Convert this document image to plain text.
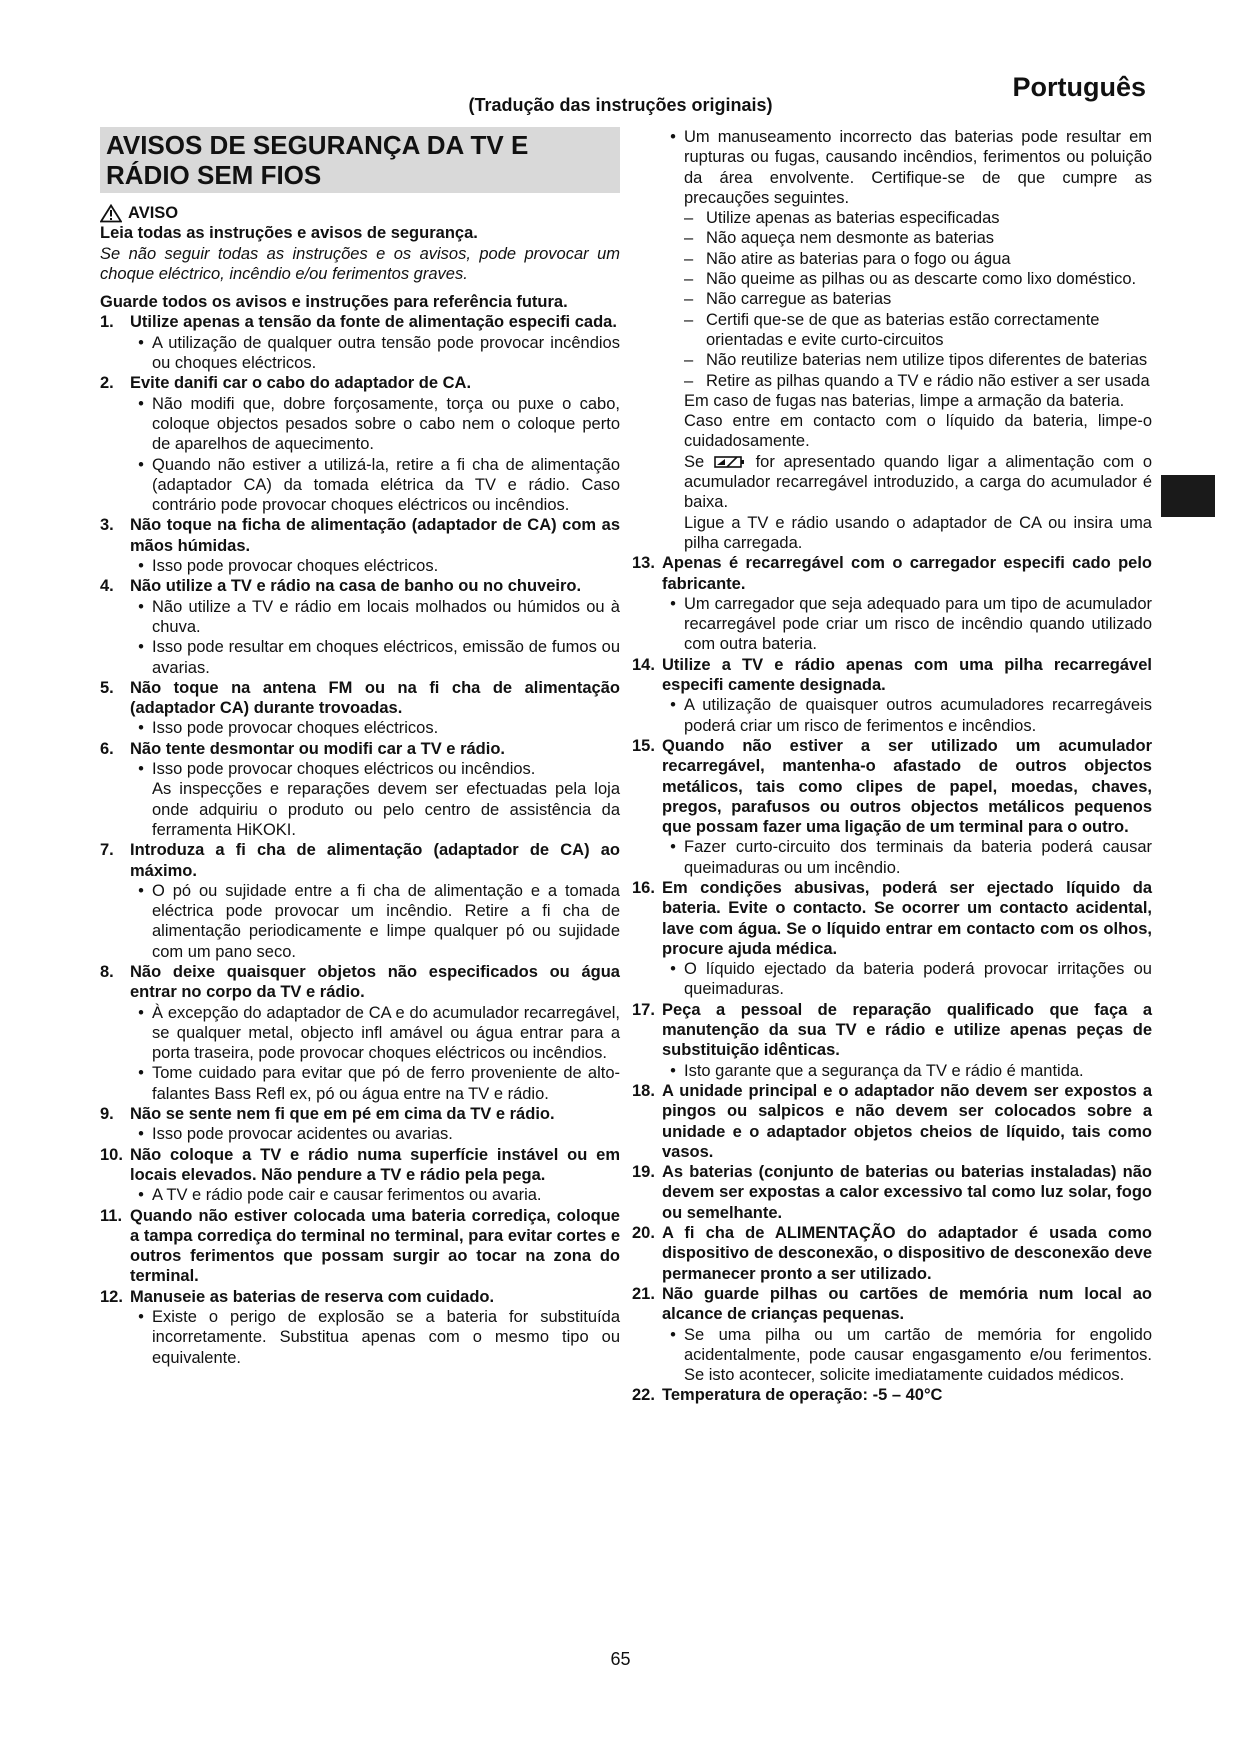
Português
(Tradução das instruções originais)
AVISOS DE SEGURANÇA DA TV E
RÁDIO SEM FIOS
AVISO
Leia todas as instruções e avisos de segurança.
Se não seguir todas as instruções e os avisos, pode provocar um choque eléctrico, incêndio e/ou ferimentos graves.
Guarde todos os avisos e instruções para referência futura.
1. Utilize apenas a tensão da fonte de alimentação especifi cada.
• A utilização de qualquer outra tensão pode provocar incêndios ou choques eléctricos.
2. Evite danifi car o cabo do adaptador de CA.
• Não modifi que, dobre forçosamente, torça ou puxe o cabo, coloque objectos pesados sobre o cabo nem o coloque perto de aparelhos de aquecimento.
• Quando não estiver a utilizá-la, retire a fi cha de alimentação (adaptador CA) da tomada elétrica da TV e rádio. Caso contrário pode provocar choques eléctricos ou incêndios.
3. Não toque na ficha de alimentação (adaptador de CA) com as mãos húmidas.
• Isso pode provocar choques eléctricos.
4. Não utilize a TV e rádio na casa de banho ou no chuveiro.
• Não utilize a TV e rádio em locais molhados ou húmidos ou à chuva.
• Isso pode resultar em choques eléctricos, emissão de fumos ou avarias.
5. Não toque na antena FM ou na fi cha de alimentação (adaptador CA) durante trovoadas.
• Isso pode provocar choques eléctricos.
6. Não tente desmontar ou modifi car a TV e rádio.
• Isso pode provocar choques eléctricos ou incêndios.
As inspecções e reparações devem ser efectuadas pela loja onde adquiriu o produto ou pelo centro de assistência da ferramenta HiKOKI.
7. Introduza a fi cha de alimentação (adaptador de CA) ao máximo.
• O pó ou sujidade entre a fi cha de alimentação e a tomada eléctrica pode provocar um incêndio. Retire a fi cha de alimentação periodicamente e limpe qualquer pó ou sujidade com um pano seco.
8. Não deixe quaisquer objetos não especificados ou água entrar no corpo da TV e rádio.
• À excepção do adaptador de CA e do acumulador recarregável, se qualquer metal, objecto infl amável ou água entrar para a porta traseira, pode provocar choques eléctricos ou incêndios.
• Tome cuidado para evitar que pó de ferro proveniente de alto-falantes Bass Refl ex, pó ou água entre na TV e rádio.
9. Não se sente nem fi que em pé em cima da TV e rádio.
• Isso pode provocar acidentes ou avarias.
10. Não coloque a TV e rádio numa superfície instável ou em locais elevados. Não pendure a TV e rádio pela pega.
• A TV e rádio pode cair e causar ferimentos ou avaria.
11. Quando não estiver colocada uma bateria corrediça, coloque a tampa corrediça do terminal no terminal, para evitar cortes e outros ferimentos que possam surgir ao tocar na zona do terminal.
12. Manuseie as baterias de reserva com cuidado.
• Existe o perigo de explosão se a bateria for substituída incorretamente. Substitua apenas com o mesmo tipo ou equivalente.
• Um manuseamento incorrecto das baterias pode resultar em rupturas ou fugas, causando incêndios, ferimentos ou poluição da área envolvente. Certifique-se de que cumpre as precauções seguintes.
– Utilize apenas as baterias especificadas
– Não aqueça nem desmonte as baterias
– Não atire as baterias para o fogo ou água
– Não queime as pilhas ou as descarte como lixo doméstico.
– Não carregue as baterias
– Certifi que-se de que as baterias estão correctamente orientadas e evite curto-circuitos
– Não reutilize baterias nem utilize tipos diferentes de baterias
– Retire as pilhas quando a TV e rádio não estiver a ser usada
Em caso de fugas nas baterias, limpe a armação da bateria.
Caso entre em contacto com o líquido da bateria, limpe-o cuidadosamente.
Se	for apresentado quando ligar a alimentação com o acumulador recarregável introduzido, a carga do acumulador é baixa.
Ligue a TV e rádio usando o adaptador de CA ou insira uma pilha carregada.
13. Apenas é recarregável com o carregador especifi cado pelo fabricante.
• Um carregador que seja adequado para um tipo de acumulador recarregável pode criar um risco de incêndio quando utilizado com outra bateria.
14. Utilize a TV e rádio apenas com uma pilha recarregável especifi camente designada.
• A utilização de quaisquer outros acumuladores recarregáveis poderá criar um risco de ferimentos e incêndios.
15. Quando não estiver a ser utilizado um acumulador recarregável, mantenha-o afastado de outros objectos metálicos, tais como clipes de papel, moedas, chaves, pregos, parafusos ou outros objectos metálicos pequenos que possam fazer uma ligação de um terminal para o outro.
• Fazer curto-circuito dos terminais da bateria poderá causar queimaduras ou um incêndio.
16. Em condições abusivas, poderá ser ejectado líquido da bateria. Evite o contacto. Se ocorrer um contacto acidental, lave com água. Se o líquido entrar em contacto com os olhos, procure ajuda médica.
• O líquido ejectado da bateria poderá provocar irritações ou queimaduras.
17. Peça a pessoal de reparação qualificado que faça a manutenção da sua TV e rádio e utilize apenas peças de substituição idênticas.
• Isto garante que a segurança da TV e rádio é mantida.
18. A unidade principal e o adaptador não devem ser expostos a pingos ou salpicos e não devem ser colocados sobre a unidade e o adaptador objetos cheios de líquido, tais como vasos.
19. As baterias (conjunto de baterias ou baterias instaladas) não devem ser expostas a calor excessivo tal como luz solar, fogo ou semelhante.
20. A fi cha de ALIMENTAÇÃO do adaptador é usada como dispositivo de desconexão, o dispositivo de desconexão deve permanecer pronto a ser utilizado.
21. Não guarde pilhas ou cartões de memória num local ao alcance de crianças pequenas.
• Se uma pilha ou um cartão de memória for engolido acidentalmente, pode causar engasgamento e/ou ferimentos. Se isto acontecer, solicite imediatamente cuidados médicos.
22. Temperatura de operação: -5 – 40°C
65
